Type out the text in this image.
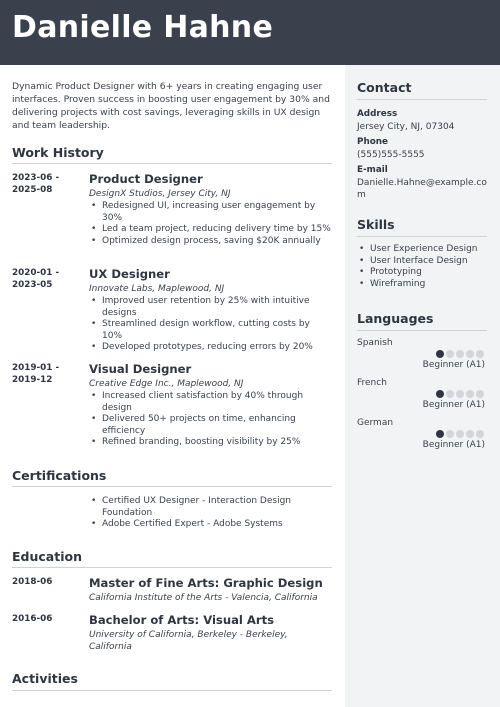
Danielle Hahne

Dynamic Product Designer with 6+ years in creating engaging user interfaces. Proven success in boosting user engagement by 30% and delivering projects with cost savings, leveraging skills in UX design and team leadership.

Work History
2023-06 -
2025-08
Product Designer
DesignX Studios, Jersey City, NJ
• Redesigned UI, increasing user engagement by 30%
• Led a team project, reducing delivery time by 15%
• Optimized design process, saving $20K annually
2020-01 -
2023-05
UX Designer
Innovate Labs, Maplewood, NJ
• Improved user retention by 25% with intuitive designs
• Streamlined design workflow, cutting costs by 10%
• Developed prototypes, reducing errors by 20%
2019-01 -
2019-12
Visual Designer
Creative Edge Inc., Maplewood, NJ
• Increased client satisfaction by 40% through design
• Delivered 50+ projects on time, enhancing efficiency
• Refined branding, boosting visibility by 25%
Certifications
• Certified UX Designer - Interaction Design Foundation
• Adobe Certified Expert - Adobe Systems
Education
2018-06	Master of Fine Arts: Graphic Design
California Institute of the Arts - Valencia, California
2016-06	Bachelor of Arts: Visual Arts
University of California, Berkeley - Berkeley, California
Activities
Contact
Address
Jersey City, NJ, 07304
Phone
(555)555-5555
E-mail
Danielle.Hahne@example.com
Skills
• User Experience Design
• User Interface Design
• Prototyping
• Wireframing
Languages
Spanish
Beginner (A1)
French
Beginner (A1)
German
Beginner (A1)
